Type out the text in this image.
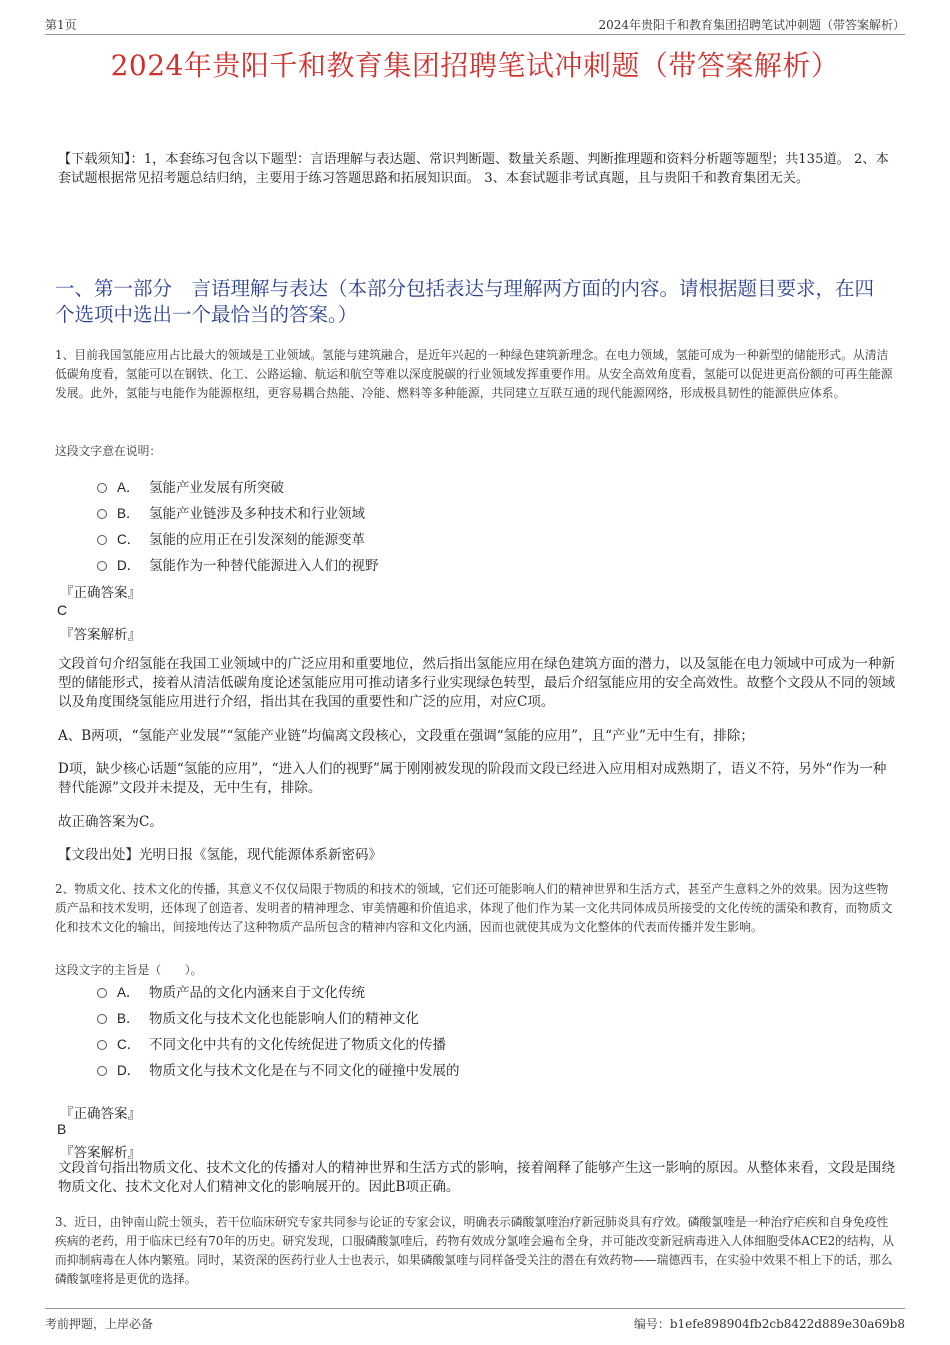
第1页	2024年贵阳千和教育集团招聘笔试冲刺题（带答案解析）
2024年贵阳千和教育集团招聘笔试冲刺题（带答案解析）
【下载须知】：1，本套练习包含以下题型：言语理解与表达题、常识判断题、数量关系题、判断推理题和资料分析题等题型；共135道。 2、本套试题根据常见招考题总结归纳，主要用于练习答题思路和拓展知识面。 3、本套试题非考试真题，且与贵阳千和教育集团无关。
一、第一部分　言语理解与表达（本部分包括表达与理解两方面的内容。请根据题目要求，在四个选项中选出一个最恰当的答案。）
1、目前我国氢能应用占比最大的领域是工业领域。氢能与建筑融合，是近年兴起的一种绿色建筑新理念。在电力领域，氢能可成为一种新型的储能形式。从清洁低碳角度看，氢能可以在钢铁、化工、公路运输、航运和航空等难以深度脱碳的行业领域发挥重要作用。从安全高效角度看，氢能可以促进更高份额的可再生能源发展。此外，氢能与电能作为能源枢纽，更容易耦合热能、冷能、燃料等多种能源，共同建立互联互通的现代能源网络，形成极具韧性的能源供应体系。
这段文字意在说明：
A． 氢能产业发展有所突破
B． 氢能产业链涉及多种技术和行业领域
C． 氢能的应用正在引发深刻的能源变革
D． 氢能作为一种替代能源进入人们的视野
『正确答案』
C
『答案解析』
文段首句介绍氢能在我国工业领域中的广泛应用和重要地位，然后指出氢能应用在绿色建筑方面的潜力，以及氢能在电力领域中可成为一种新型的储能形式，接着从清洁低碳角度论述氢能应用可推动诸多行业实现绿色转型，最后介绍氢能应用的安全高效性。故整个文段从不同的领域以及角度围绕氢能应用进行介绍，指出其在我国的重要性和广泛的应用，对应C项。
A、B两项，“氢能产业发展”“氢能产业链”均偏离文段核心，文段重在强调“氢能的应用”，且“产业”无中生有，排除；
D项，缺少核心话题“氢能的应用”，“进入人们的视野”属于刚刚被发现的阶段而文段已经进入应用相对成熟期了，语义不符，另外“作为一种替代能源”文段并未提及，无中生有，排除。
故正确答案为C。
【文段出处】光明日报《氢能，现代能源体系新密码》
2、物质文化、技术文化的传播，其意义不仅仅局限于物质的和技术的领域，它们还可能影响人们的精神世界和生活方式，甚至产生意料之外的效果。因为这些物质产品和技术发明，还体现了创造者、发明者的精神理念、审美情趣和价值追求，体现了他们作为某一文化共同体成员所接受的文化传统的濡染和教育，而物质文化和技术文化的输出，间接地传达了这种物质产品所包含的精神内容和文化内涵，因而也就使其成为文化整体的代表而传播并发生影响。
这段文字的主旨是（　　）。
A． 物质产品的文化内涵来自于文化传统
B． 物质文化与技术文化也能影响人们的精神文化
C． 不同文化中共有的文化传统促进了物质文化的传播
D． 物质文化与技术文化是在与不同文化的碰撞中发展的
『正确答案』
B
『答案解析』
文段首句指出物质文化、技术文化的传播对人的精神世界和生活方式的影响，接着阐释了能够产生这一影响的原因。从整体来看，文段是围绕物质文化、技术文化对人们精神文化的影响展开的。因此B项正确。
3、近日，由钟南山院士领头，若干位临床研究专家共同参与论证的专家会议，明确表示磷酸氯喹治疗新冠肺炎具有疗效。磷酸氯喹是一种治疗疟疾和自身免疫性疾病的老药，用于临床已经有70年的历史。研究发现，口服磷酸氯喹后，药物有效成分氯喹会遍布全身，并可能改变新冠病毒进入人体细胞受体ACE2的结构，从而抑制病毒在人体内繁殖。同时，某资深的医药行业人士也表示，如果磷酸氯喹与同样备受关注的潜在有效药物——瑞德西韦，在实验中效果不相上下的话，那么磷酸氯喹将是更优的选择。
考前押题，上岸必备	编号：b1efe898904fb2cb8422d889e30a69b8
